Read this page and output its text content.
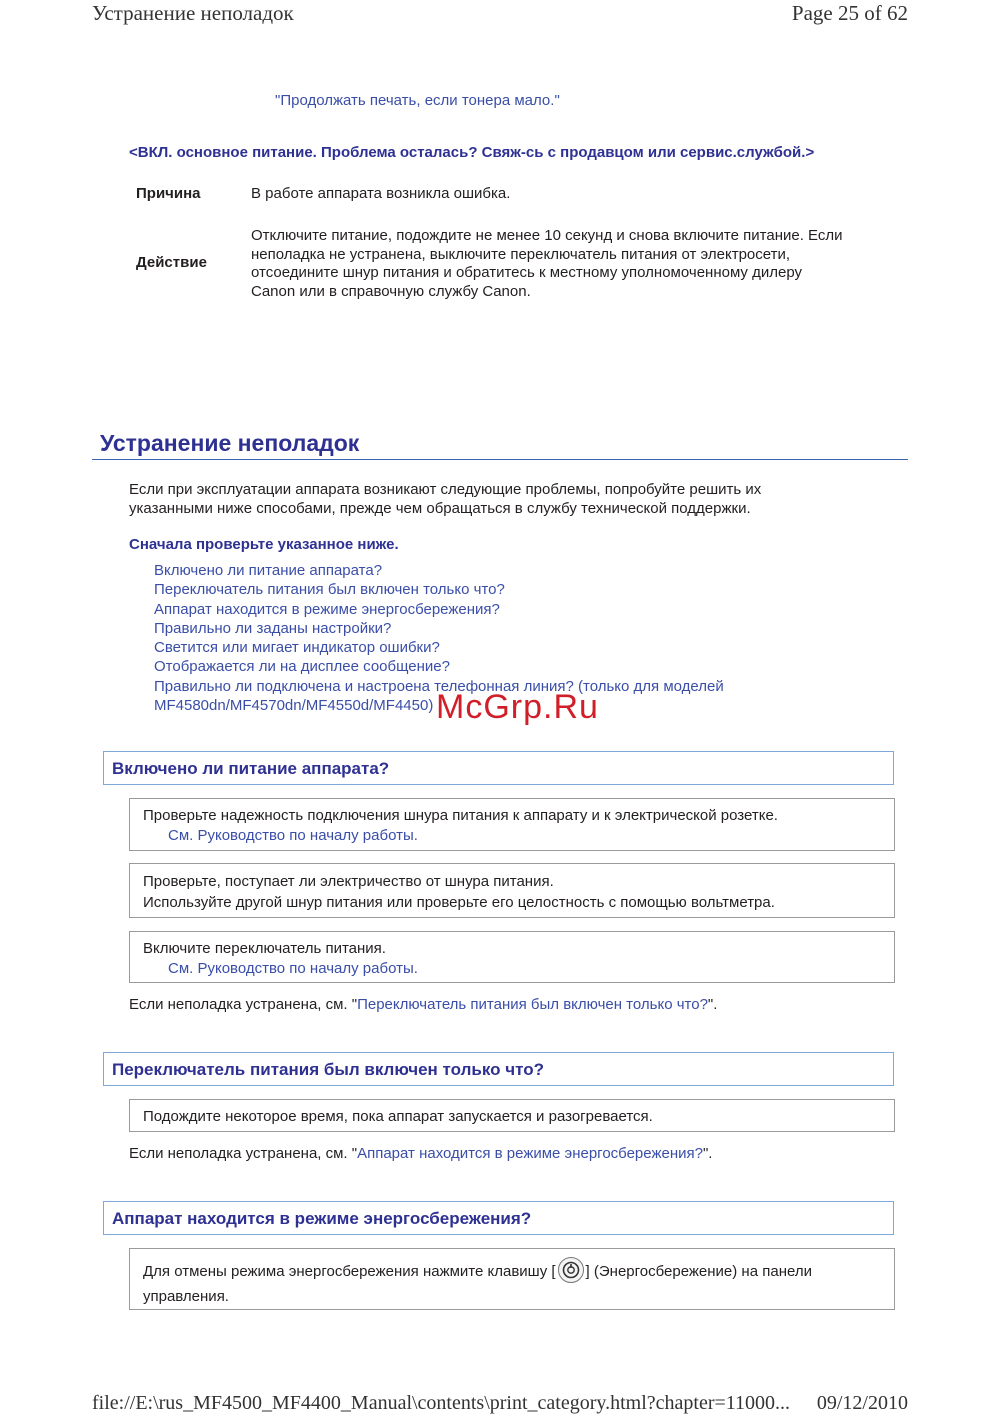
Устранение неполадок	Page 25 of 62
"Продолжать печать, если тонера мало."
<ВКЛ. основное питание. Проблема осталась? Свяж-сь с продавцом или сервис.службой.>
Причина	В работе аппарата возникла ошибка.
Действие
Отключите питание, подождите не менее 10 секунд и снова включите питание. Если
неполадка не устранена, выключите переключатель питания от электросети,
отсоедините шнур питания и обратитесь к местному уполномоченному дилеру
Canon или в справочную службу Canon.
Устранение неполадок
Если при эксплуатации аппарата возникают следующие проблемы, попробуйте решить их
указанными ниже способами, прежде чем обращаться в службу технической поддержки.
Сначала проверьте указанное ниже.
Включено ли питание аппарата?
Переключатель питания был включен только что?
Аппарат находится в режиме энергосбережения?
Правильно ли заданы настройки?
Светится или мигает индикатор ошибки?
Отображается ли на дисплее сообщение?
Правильно ли подключена и настроена телефонная линия? (только для моделей
MF4580dn/MF4570dn/MF4550d/MF4450) McGrp.Ru
Включено ли питание аппарата?
Проверьте надежность подключения шнура питания к аппарату и к электрической розетке.
См. Руководство по началу работы.
Проверьте, поступает ли электричество от шнура питания.
Используйте другой шнур питания или проверьте его целостность с помощью вольтметра.
Включите переключатель питания.
См. Руководство по началу работы.
Если неполадка устранена, см. "Переключатель питания был включен только что?".
Переключатель питания был включен только что?
Подождите некоторое время, пока аппарат запускается и разогревается.
Если неполадка устранена, см. "Аппарат находится в режиме энергосбережения?".
Аппарат находится в режиме энергосбережения?
Для отмены режима энергосбережения нажмите клавишу [ ] (Энергосбережение) на панели
управления.
file://E:\rus_MF4500_MF4400_Manual\contents\print_category.html?chapter=11000... 09/12/2010
